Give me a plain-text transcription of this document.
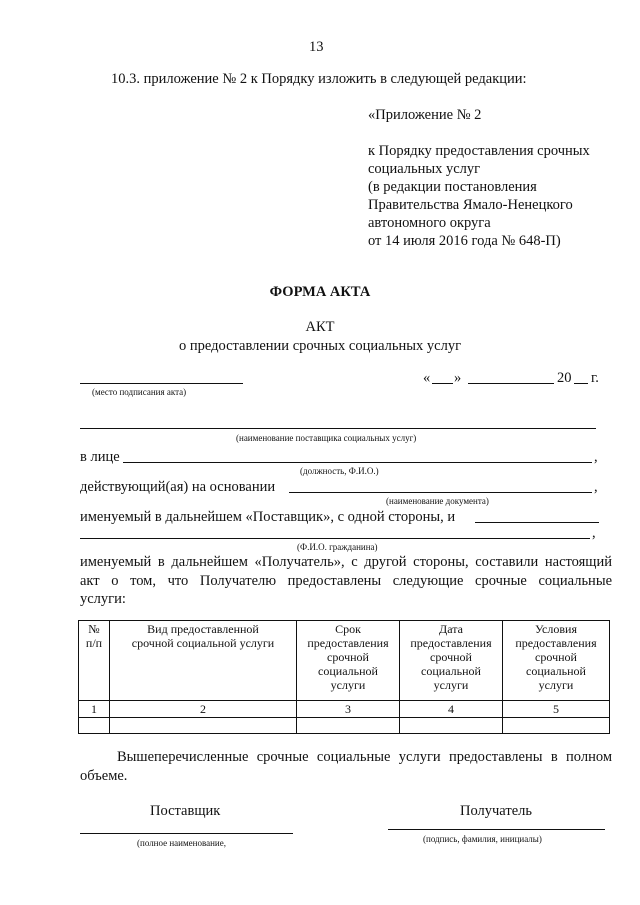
13
10.3. приложение № 2 к Порядку изложить в следующей редакции:
«Приложение № 2
к Порядку предоставления срочных
социальных услуг
(в редакции постановления
Правительства Ямало-Ненецкого
автономного округа
от 14 июля 2016 года № 648-П)
ФОРМА АКТА
АКТ
о предоставлении срочных социальных услуг
(место подписания акта)
« »	20 г.
(наименование поставщика социальных услуг)
в лице	,
(должность, Ф.И.О.)
действующий(ая) на основании	,
(наименование документа)
именуемый в дальнейшем «Поставщик», с одной стороны, и
,
(Ф.И.О. гражданина)
именуемый в дальнейшем «Получатель», с другой стороны, составили настоящий
акт о том, что Получателю предоставлены следующие срочные социальные
услуги:
№
п/п	Вид предоставленной
срочной социальной услуги	Срок
предоставления
срочной
социальной
услуги	Дата
предоставления
срочной
социальной
услуги	Условия
предоставления
срочной
социальной
услуги
1	2	3	4	5

Вышеперечисленные срочные социальные услуги предоставлены в полном
объеме.
Поставщик	Получатель
(полное наименование,	(подпись, фамилия, инициалы)
